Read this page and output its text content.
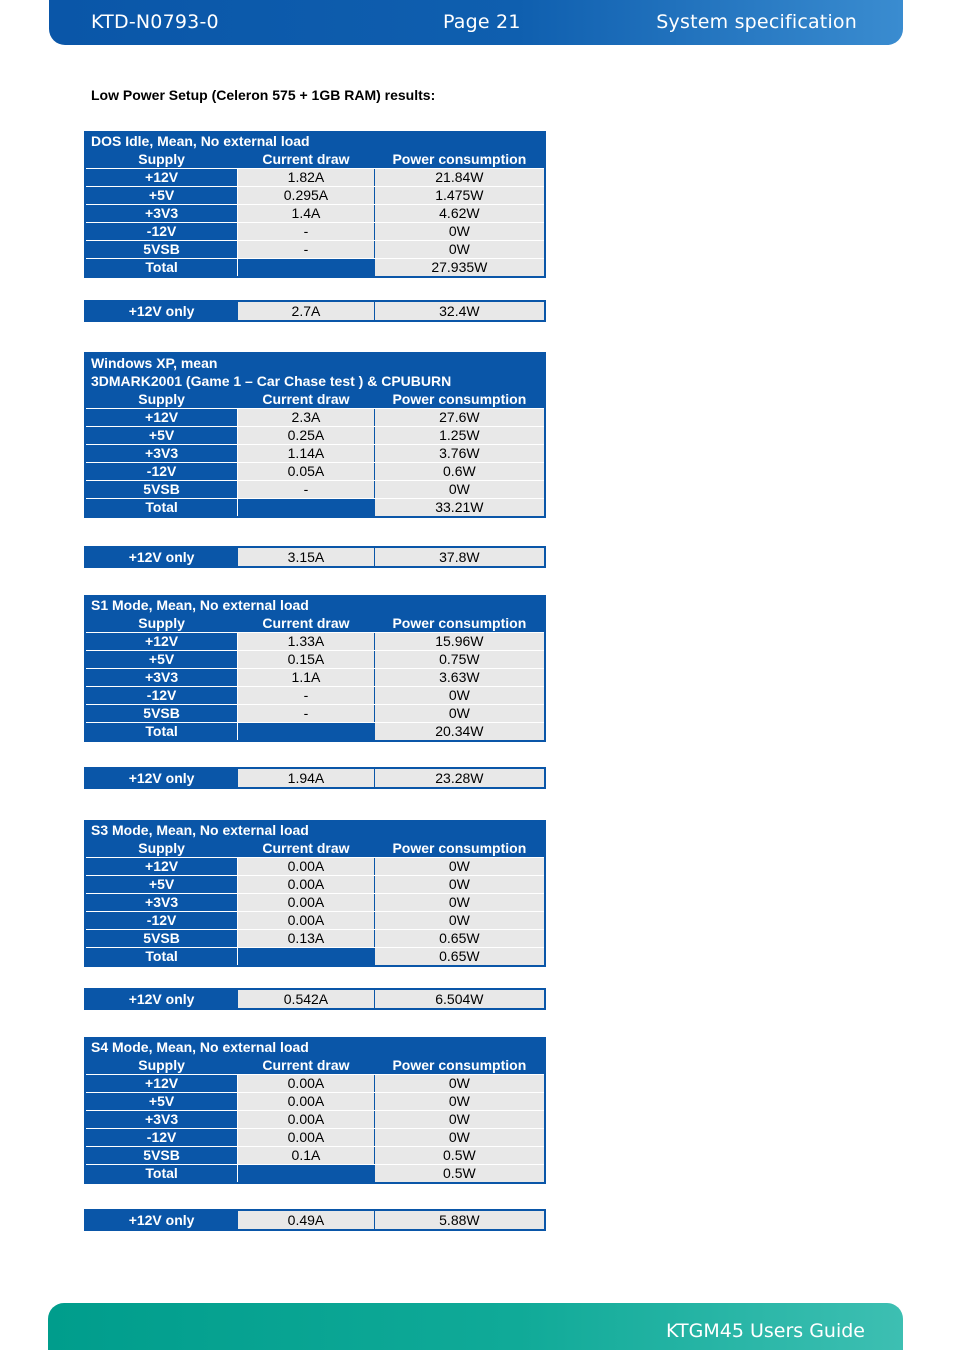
KTD-N0793-0	Page 21	System specification
Low Power Setup (Celeron 575 + 1GB RAM) results:
DOS Idle, Mean, No external load		

Supply	Current draw	Power consumption
+12V	1.82A	21.84W
+5V	0.295A	1.475W
+3V3	1.4A	4.62W
-12V	-	0W
5VSB	-	0W
Total		27.935W
+12V only	2.7A	32.4W
Windows XP, mean
3DMARK2001 (Game 1 – Car Chase test ) & CPUBURN		

Supply	Current draw	Power consumption
+12V	2.3A	27.6W
+5V	0.25A	1.25W
+3V3	1.14A	3.76W
-12V	0.05A	0.6W
5VSB	-	0W
Total		33.21W
+12V only	3.15A	37.8W
S1 Mode, Mean, No external load		

Supply	Current draw	Power consumption
+12V	1.33A	15.96W
+5V	0.15A	0.75W
+3V3	1.1A	3.63W
-12V	-	0W
5VSB	-	0W
Total		20.34W
+12V only	1.94A	23.28W
S3 Mode, Mean, No external load		

Supply	Current draw	Power consumption
+12V	0.00A	0W
+5V	0.00A	0W
+3V3	0.00A	0W
-12V	0.00A	0W
5VSB	0.13A	0.65W
Total		0.65W
+12V only	0.542A	6.504W
S4 Mode, Mean, No external load		

Supply	Current draw	Power consumption
+12V	0.00A	0W
+5V	0.00A	0W
+3V3	0.00A	0W
-12V	0.00A	0W
5VSB	0.1A	0.5W
Total		0.5W
+12V only	0.49A	5.88W
KTGM45 Users Guide
